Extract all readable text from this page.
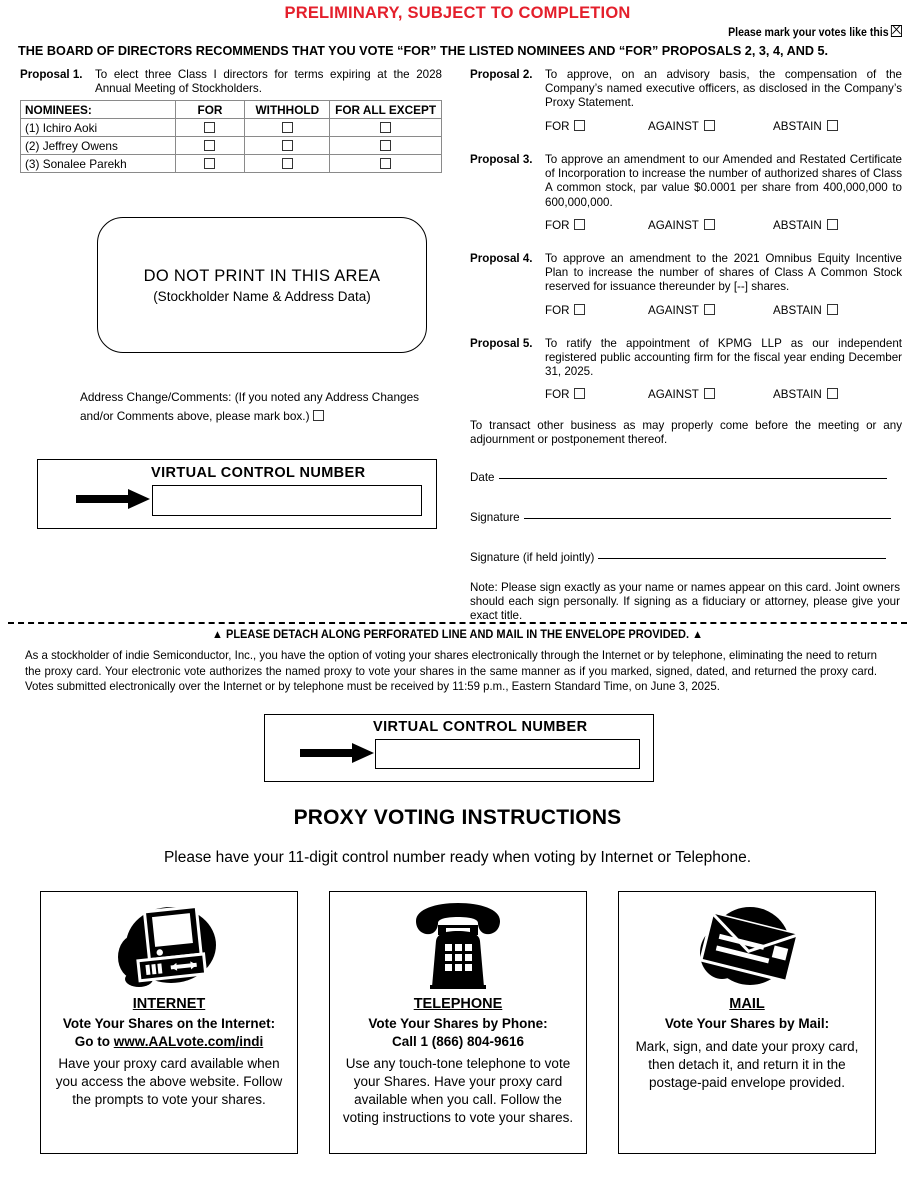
PRELIMINARY, SUBJECT TO COMPLETION
Please mark your votes like this
THE BOARD OF DIRECTORS RECOMMENDS THAT YOU VOTE “FOR” THE LISTED NOMINEES AND “FOR” PROPOSALS 2, 3, 4, AND 5.
Proposal 1.	To elect three Class I directors for terms expiring at the 2028 Annual Meeting of Stockholders.
NOMINEES:	FOR	WITHHOLD	FOR ALL EXCEPT
(1) Ichiro Aoki			
(2) Jeffrey Owens			
(3) Sonalee Parekh			
DO NOT PRINT IN THIS AREA
(Stockholder Name & Address Data)
Address Change/Comments: (If you noted any Address Changes and/or Comments above, please mark box.)
VIRTUAL CONTROL NUMBER
Proposal 2.	To approve, on an advisory basis, the compensation of the Company’s named executive officers, as disclosed in the Company’s Proxy Statement.
FOR	AGAINST	ABSTAIN
Proposal 3.	To approve an amendment to our Amended and Restated Certificate of Incorporation to increase the number of authorized shares of Class A common stock, par value $0.0001 per share from 400,000,000 to 600,000,000.
FOR	AGAINST	ABSTAIN
Proposal 4.	To approve an amendment to the 2021 Omnibus Equity Incentive Plan to increase the number of shares of Class A Common Stock reserved for issuance thereunder by [--] shares.
FOR	AGAINST	ABSTAIN
Proposal 5.	To ratify the appointment of KPMG LLP as our independent registered public accounting firm for the fiscal year ending December 31, 2025.
FOR	AGAINST	ABSTAIN
To transact other business as may properly come before the meeting or any adjournment or postponement thereof.
Date
Signature
Signature (if held jointly)
Note: Please sign exactly as your name or names appear on this card. Joint owners should each sign personally. If signing as a fiduciary or attorney, please give your exact title.
▲ PLEASE DETACH ALONG PERFORATED LINE AND MAIL IN THE ENVELOPE PROVIDED. ▲
As a stockholder of indie Semiconductor, Inc., you have the option of voting your shares electronically through the Internet or by telephone, eliminating the need to return the proxy card. Your electronic vote authorizes the named proxy to vote your shares in the same manner as if you marked, signed, dated, and returned the proxy card. Votes submitted electronically over the Internet or by telephone must be received by 11:59 p.m., Eastern Standard Time, on June 3, 2025.
VIRTUAL CONTROL NUMBER
PROXY VOTING INSTRUCTIONS
Please have your 11-digit control number ready when voting by Internet or Telephone.
INTERNET
Vote Your Shares on the Internet:
Go to www.AALvote.com/indi
Have your proxy card available when you access the above website. Follow the prompts to vote your shares.
TELEPHONE
Vote Your Shares by Phone:
Call 1 (866) 804-9616
Use any touch-tone telephone to vote your Shares. Have your proxy card available when you call. Follow the voting instructions to vote your shares.
MAIL
Vote Your Shares by Mail:
Mark, sign, and date your proxy card, then detach it, and return it in the postage-paid envelope provided.
